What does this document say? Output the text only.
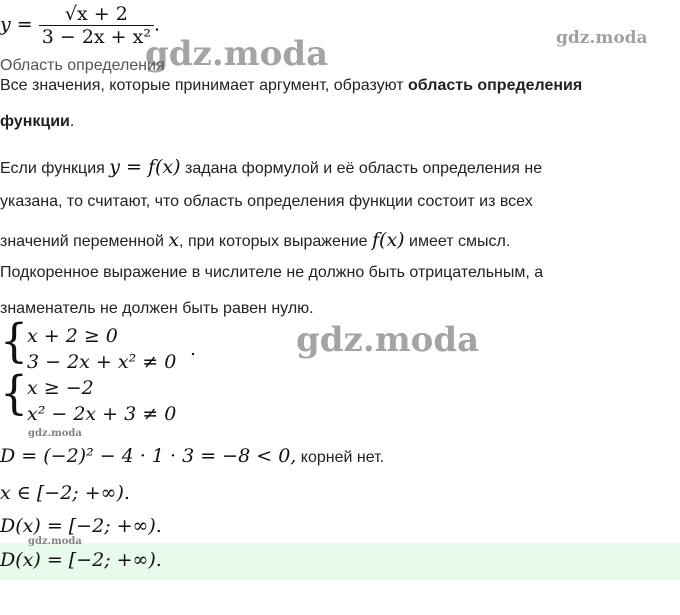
$y = \frac{√x + 2}{\text{3 − 2x + x²}}$ .
Область определения
Все значения, которые принимает аргумент, образуют область определения
функции.
Если функция y = f(x) задана формулой и её область определения не
указана, то считают, что область определения функции состоит из всех
значений переменной x, при которых выражение f(x) имеет смысл.
Подкоренное выражение в числителе не должно быть отрицательным, а
знаменатель не должен быть равен нулю.
{ x + 2 ≥ 0
3 − 2x + x² ≠ 0
.
{ x ≥ −2
x² − 2x + 3 ≠ 0
D = (−2)² − 4 · 1 · 3 = −8 < 0, корней нет.
x ∈ [−2; +∞).
D(x) = [−2; +∞).
D(x) = [−2; +∞).
gdz.moda	gdz.moda
gdz.moda
gdz.moda
gdz.moda
